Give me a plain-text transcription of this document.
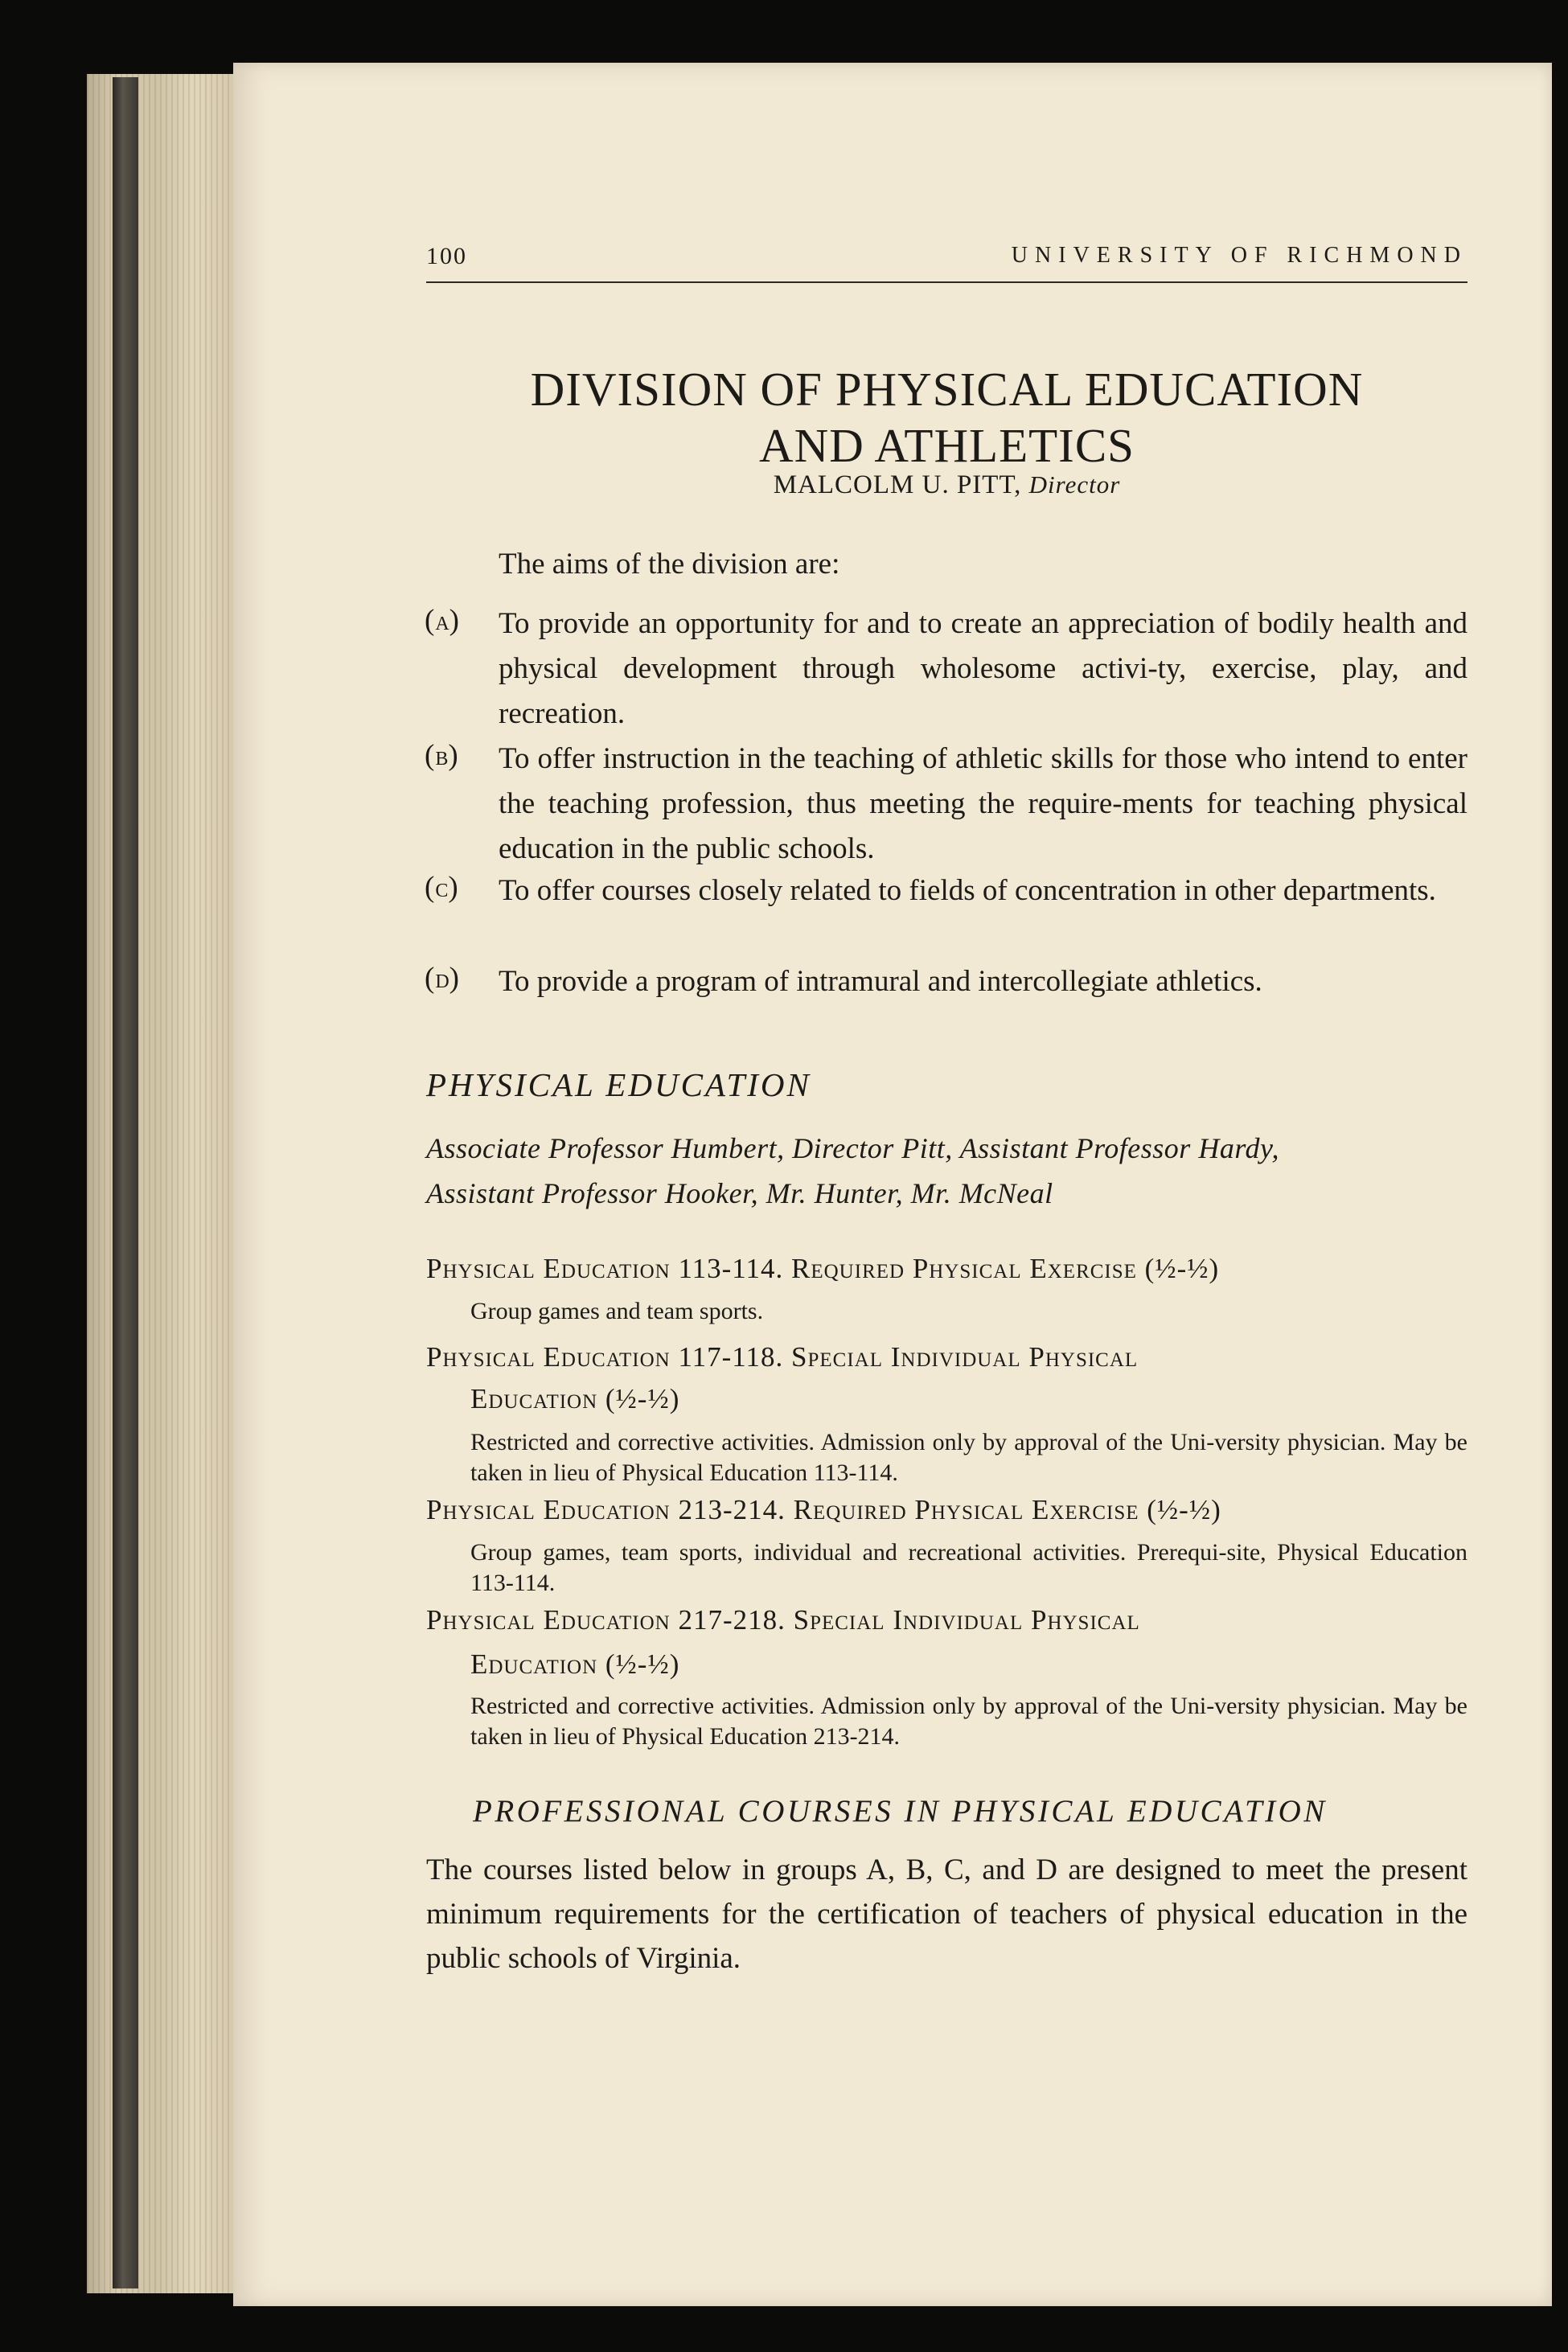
100	UNIVERSITY OF RICHMOND
DIVISION OF PHYSICAL EDUCATION
AND ATHLETICS
MALCOLM U. PITT, Director
The aims of the division are:
(A) To provide an opportunity for and to create an appreciation of bodily health and physical development through wholesome activi-ty, exercise, play, and recreation.
(B) To offer instruction in the teaching of athletic skills for those who intend to enter the teaching profession, thus meeting the require-ments for teaching physical education in the public schools.
(C) To offer courses closely related to fields of concentration in other departments.
(D) To provide a program of intramural and intercollegiate athletics.
PHYSICAL EDUCATION
Associate Professor Humbert, Director Pitt, Assistant Professor Hardy,
Assistant Professor Hooker, Mr. Hunter, Mr. McNeal
Physical Education 113-114. Required Physical Exercise (½-½)
Group games and team sports.
Physical Education 117-118. Special Individual Physical
Education (½-½)
Restricted and corrective activities. Admission only by approval of the Uni-versity physician. May be taken in lieu of Physical Education 113-114.
Physical Education 213-214. Required Physical Exercise (½-½)
Group games, team sports, individual and recreational activities. Prerequi-site, Physical Education 113-114.
Physical Education 217-218. Special Individual Physical
Education (½-½)
Restricted and corrective activities. Admission only by approval of the Uni-versity physician. May be taken in lieu of Physical Education 213-214.
PROFESSIONAL COURSES IN PHYSICAL EDUCATION
The courses listed below in groups A, B, C, and D are designed to meet the present minimum requirements for the certification of teachers of physical education in the public schools of Virginia.
